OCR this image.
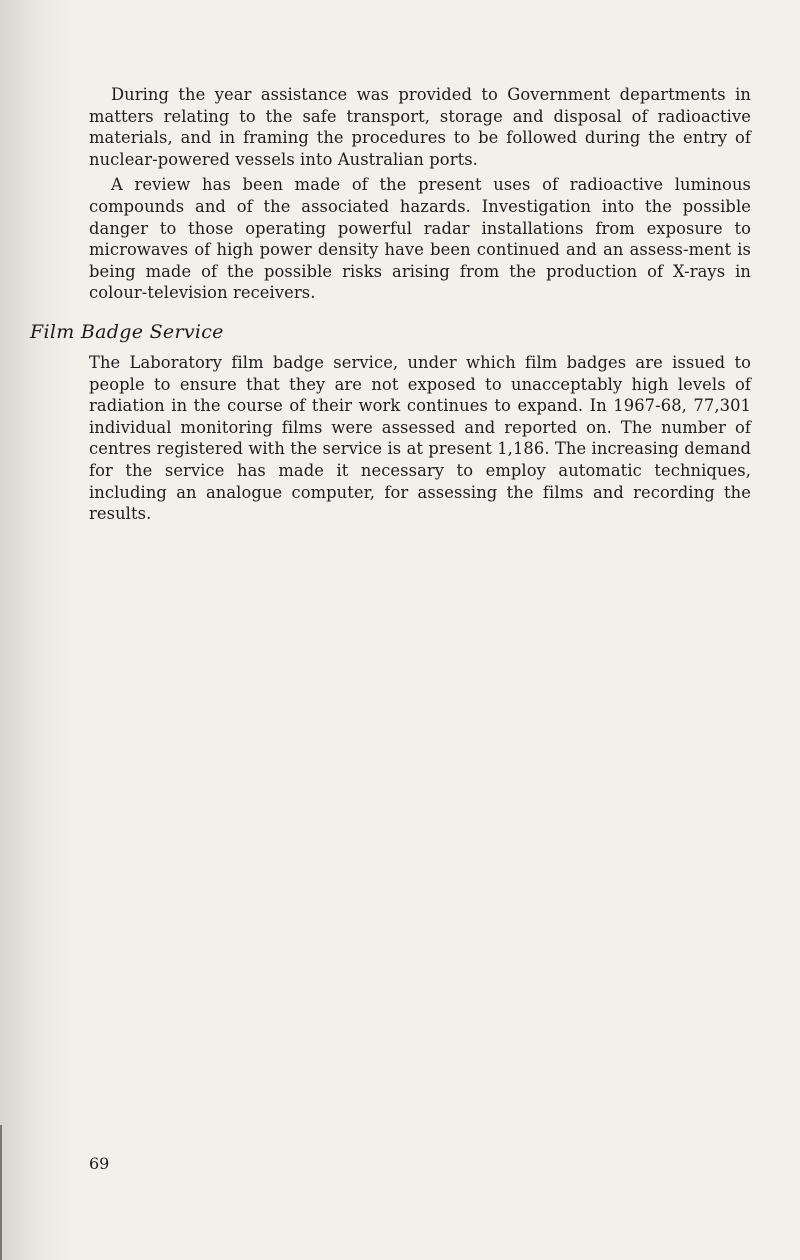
During the year assistance was provided to Government departments in matters relating to the safe transport, storage and disposal of radioactive materials, and in framing the procedures to be followed during the entry of nuclear-powered vessels into Australian ports.

A review has been made of the present uses of radioactive luminous compounds and of the associated hazards. Investigation into the possible danger to those operating powerful radar installations from exposure to microwaves of high power density have been continued and an assess-ment is being made of the possible risks arising from the production of X-rays in colour-television receivers.

Film Badge Service

The Laboratory film badge service, under which film badges are issued to people to ensure that they are not exposed to unacceptably high levels of radiation in the course of their work continues to expand. In 1967-68, 77,301 individual monitoring films were assessed and reported on. The number of centres registered with the service is at present 1,186. The increasing demand for the service has made it necessary to employ automatic techniques, including an analogue computer, for assessing the films and recording the results.

69
